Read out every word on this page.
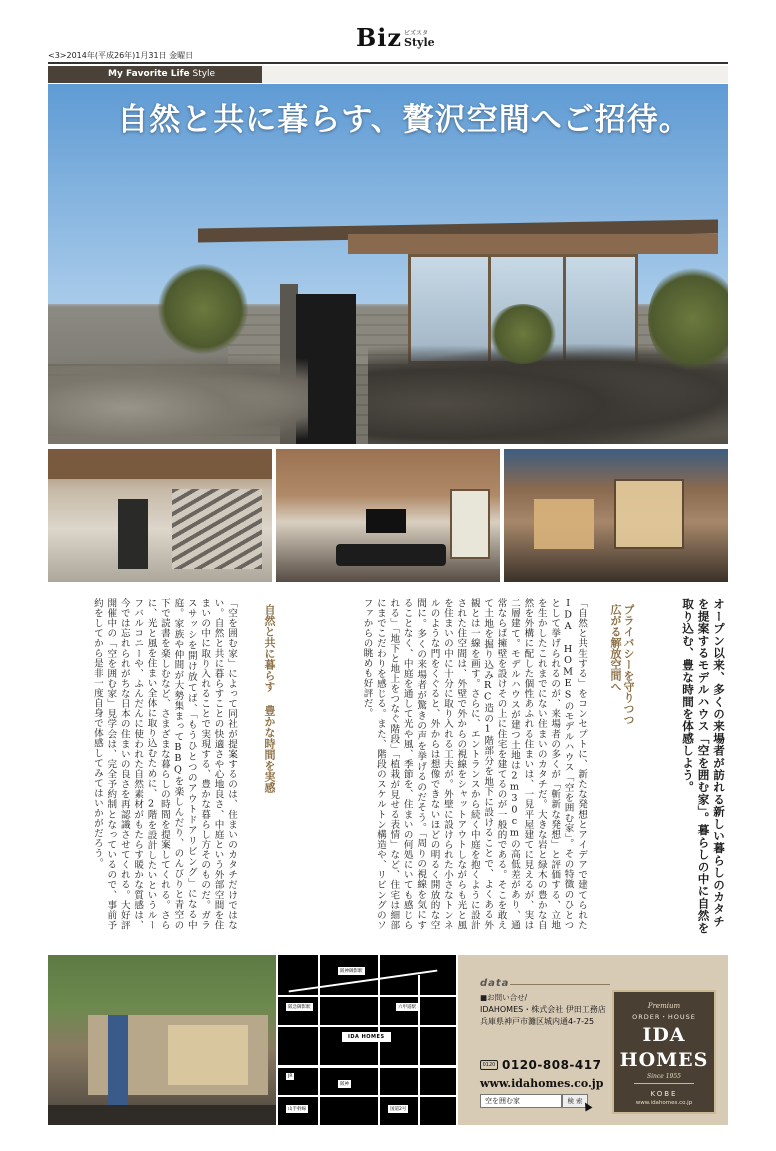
<3>2014年(平成26年)1月31日 金曜日
Biz ビズスタ
Style
My Favorite Life Style
自然と共に暮らす、贅沢空間へご招待。
オープン以来、多くの来場者が訪れる新しい暮らしのカタチを提案するモデルハウス「空を囲む家」。暮らしの中に自然を取り込む、豊な時間を体感しよう。
プライバシーを守りつつ
広がる解放空間へ
「自然と共生する」をコンセプトに、新たな発想とアイデアで建てられた IDA HOMESのモデルハウス「空を囲む家」。その特徴のひとつとして挙げられるのが、来場者の多くが「斬新な発想」と評価する、立地を生かしたこれまでにない住まいのカタチだ。大きな岩と緑木の豊かな自然を外構に配した個性あふれる住まいは、一見平屋建てに見えるが、実は二層建て。モデルハウスが建つ土地は2m30cmの高低差があり、通常ならば擁壁を設けその上に住宅を建てるのが一般的である。そこを敢えて土地を掘り込みRC造の1階部分を地下に設けることで、よくある外観とは一線を画す。さらに、エントランスから続く中庭を抱くように設計された住空間は、外壁で外からの視線をシャットアウトしながらも光と風を住まいの中に十分に取り入れる工夫が。外壁に設けられた小さなトンネルのような門をくぐると、外からは想像できないほどの明るく開放的な空間に。多くの来場者が驚きの声を挙げるのだそう。「周りの視線を気にすることなく、中庭を通して光や風、季節を、住まいの何処にいても感じられる」「地下と地上をつなぐ階段」「植栽が見せる表情」など、住宅は細部にまでこだわりを感じる。また、階段のスケルトン構造や、リビングのソファからの眺めも好評だ。
自然と共に暮らす 豊かな時間を実感
「空を囲む家」によって同社が提案するのは、住まいのカタチだけではない。自然と共に暮らすことの快適さや心地良さ、中庭という外部空間を住まいの中に取り入れることで実現する、豊かな暮らし方そのものだ。ガラスサッシを開け放てば、「もうひとつのアウトドアリビング」になる中庭。家族や仲間が大勢集まってBBQを楽しんだり、のんびりと青空の下で読書を楽しむなど、さまざまな暮らしの時間を提案してくれる。さらに、光と風を住まい全体に取り込むために、2階を設計したいというルーフバルコニーや、ふんだんに使われた自然素材がもたらす暖かな質感は、今では忘れられがちな日本の住まいの良さを再認識させてくれる。大好評開催中の「空を囲む家」見学会は、完全予約制となっているので、事前予約をしてから是非一度自身で体感してみてはいかがだろう。
阪神御影駅
阪急御影駅	六甲道駅
JR
阪神
国道2号
山手幹線
IDA HOMES
data
■お問い合せ/
IDAHOMES・株式会社 伊田工務店
兵庫県神戸市灘区城内通4-7-25
0120 0120-808-417
www.idahomes.co.jp
空を囲む家	検 索
Premium
ORDER・HOUSE
IDA
HOMES
Since 1955
KOBE
www.idahomes.co.jp
